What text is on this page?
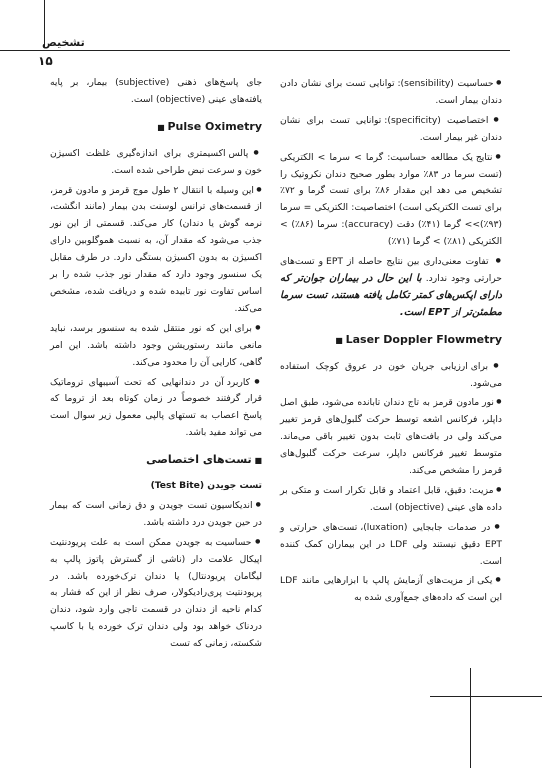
تشخیص
۱۵

● حساسیت (sensibility): توانایی تست برای نشان دادن دندان بیمار است.

● اختصاصیت (specificity): توانایی تست برای نشان دندان غیر بیمار است.

● نتایج یک مطالعه حساسیت: گرما > سرما > الکتریکی (تست سرما در ۸۳٪ موارد بطور صحیح دندان نکروتیک را تشخیص می دهد این مقدار ۸۶٪ برای تست گرما و ۷۲٪ برای تست الکتریکی است) اختصاصیت: الکتریکی = سرما (۹۳٪)>> گرما (۴۱٪) دقت (accuracy): سرما (۸۶٪) > الکتریکی (۸۱٪) > گرما (۷۱٪)

● تفاوت معنی‌داری بین نتایج حاصله از EPT و تست‌های حرارتی وجود ندارد. با این حال در بیماران جوان‌تر که دارای اپکس‌های کمتر تکامل یافته هستند، تست سرما مطمئن‌تر از EPT است.

■ Laser Doppler Flowmetry

● برای ارزیابی جریان خون در عروق کوچک استفاده می‌شود.

● نور مادون قرمز به تاج دندان تابانده می‌شود، طبق اصل داپلر، فرکانس اشعه توسط حرکت گلبول‌های قرمز تغییر می‌کند ولی در بافت‌های ثابت بدون تغییر باقی می‌ماند. متوسط تغییر فرکانس داپلر، سرعت حرکت گلبول‌های قرمز را مشخص می‌کند.

● مزیت: دقیق، قابل اعتماد و قابل تکرار است و متکی بر داده های عینی (objective) است.

● در صدمات جابجایی (luxation)، تست‌های حرارتی و EPT دقیق نیستند ولی LDF در این بیماران کمک کننده است.

● یکی از مزیت‌های آزمایش پالپ با ابزارهایی مانند LDF این است که داده‌های جمع‌آوری شده به

جای پاسخ‌های ذهنی (subjective) بیمار، بر پایه یافته‌های عینی (objective) است.

■ Pulse Oximetry

● پالس اکسیمتری برای اندازه‌گیری غلظت اکسیژن خون و سرعت نبض طراحی شده است.

● این وسیله با انتقال ۲ طول موج قرمز و مادون قرمز، از قسمت‌های ترانس لوسنت بدن بیمار (مانند انگشت، نرمه گوش یا دندان) کار می‌کند. قسمتی از این نور جذب می‌شود که مقدار آن، به نسبت هموگلوبین دارای اکسیژن به بدون اکسیژن بستگی دارد. در طرف مقابل یک سنسور وجود دارد که مقدار نور جذب شده را بر اساس تفاوت نور تابیده شده و دریافت شده، مشخص می‌کند.

● برای این که نور منتقل شده به سنسور برسد، نباید مانعی مانند رستوریشن وجود داشته باشد. این امر گاهی، کارایی آن را محدود می‌کند.

● کاربرد آن در دندانهایی که تحت آسیبهای تروماتیک قرار گرفتند خصوصاً در زمان کوتاه بعد از تروما که پاسخ اعصاب به تستهای پالپی معمول زیر سوال است می تواند مفید باشد.

■ تست‌های اختصاصی

تست جویدن (Test Bite)

● اندیکاسیون تست جویدن و دق زمانی است که بیمار در حین جویدن درد داشته باشد.

● حساسیت به جویدن ممکن است به علت پریودنتیت اپیکال علامت دار (ناشی از گسترش پاتوز پالپ به لیگامان پریودنتال) یا دندان ترک‌خورده باشد. در پریودنتیت پری‌رادیکولار، صرف نظر از این که فشار به کدام ناحیه از دندان در قسمت تاجی وارد شود، دندان دردناک خواهد بود ولی دندان ترک خورده یا با کاسپ شکسته، زمانی که تست
